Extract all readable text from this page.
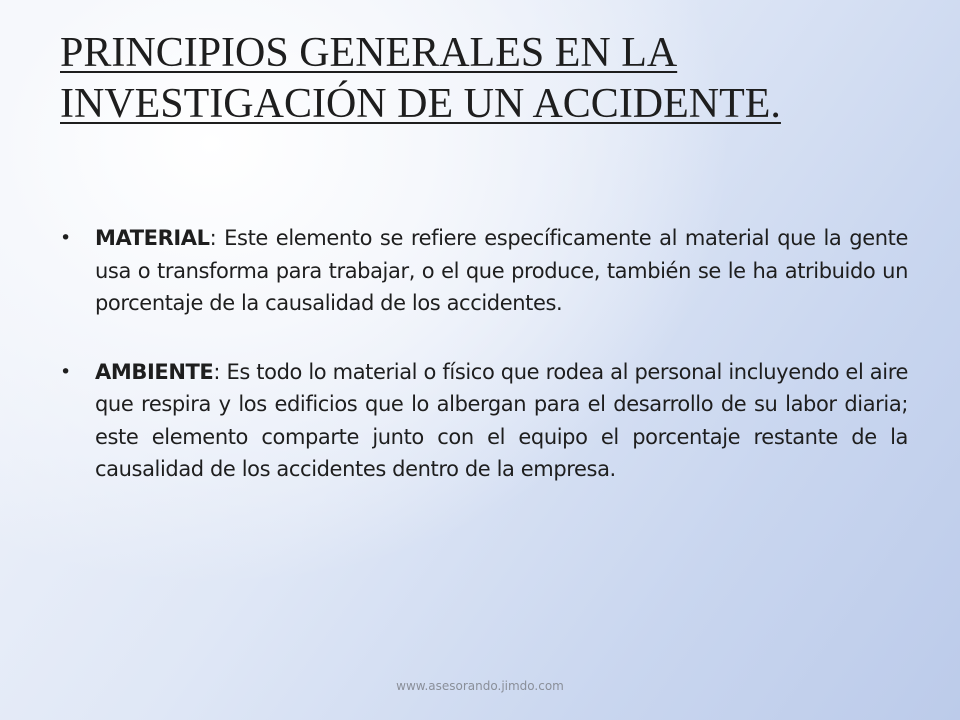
PRINCIPIOS GENERALES EN LA
INVESTIGACIÓN DE UN ACCIDENTE.

• MATERIAL: Este elemento se refiere específicamente al material que la gente usa o transforma para trabajar, o el que produce, también se le ha atribuido un porcentaje de la causalidad de los accidentes.

• AMBIENTE: Es todo lo material o físico que rodea al personal incluyendo el aire que respira y los edificios que lo albergan para el desarrollo de su labor diaria; este elemento comparte junto con el equipo el porcentaje restante de la causalidad de los accidentes dentro de la empresa.

www.asesorando.jimdo.com
